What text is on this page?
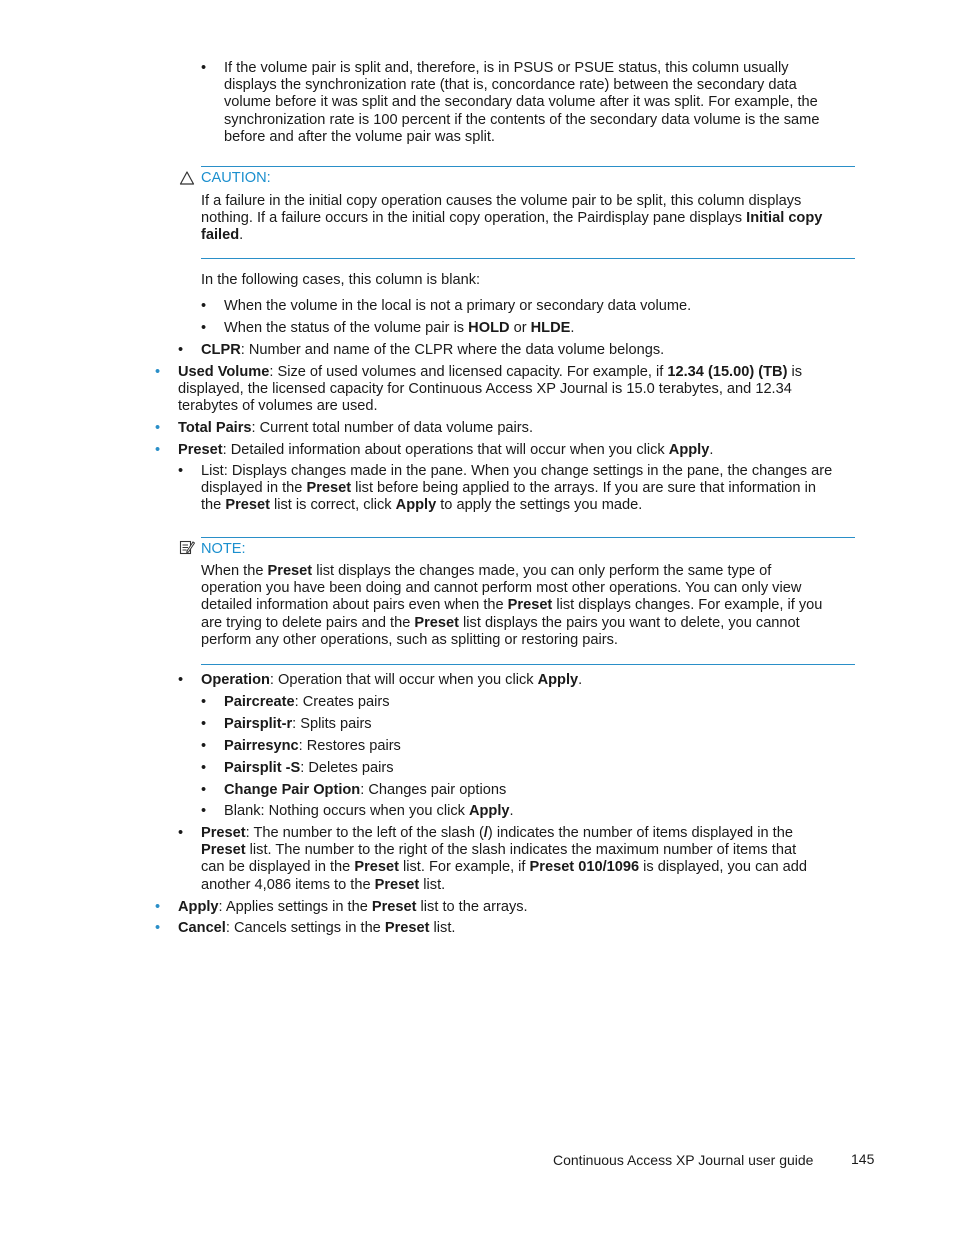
•	If the volume pair is split and, therefore, is in PSUS or PSUE status, this column usually displays the synchronization rate (that is, concordance rate) between the secondary data volume before it was split and the secondary data volume after it was split. For example, the synchronization rate is 100 percent if the contents of the secondary data volume is the same before and after the volume pair was split.
CAUTION:
If a failure in the initial copy operation causes the volume pair to be split, this column displays nothing. If a failure occurs in the initial copy operation, the Pairdisplay pane displays Initial copy failed.
In the following cases, this column is blank:
•	When the volume in the local is not a primary or secondary data volume.
•	When the status of the volume pair is HOLD or HLDE.
•	CLPR: Number and name of the CLPR where the data volume belongs.
•	Used Volume: Size of used volumes and licensed capacity. For example, if 12.34 (15.00) (TB) is displayed, the licensed capacity for Continuous Access XP Journal is 15.0 terabytes, and 12.34 terabytes of volumes are used.
•	Total Pairs: Current total number of data volume pairs.
•	Preset: Detailed information about operations that will occur when you click Apply.
•	List: Displays changes made in the pane. When you change settings in the pane, the changes are displayed in the Preset list before being applied to the arrays. If you are sure that information in the Preset list is correct, click Apply to apply the settings you made.
NOTE:
When the Preset list displays the changes made, you can only perform the same type of operation you have been doing and cannot perform most other operations. You can only view detailed information about pairs even when the Preset list displays changes. For example, if you are trying to delete pairs and the Preset list displays the pairs you want to delete, you cannot perform any other operations, such as splitting or restoring pairs.
•	Operation: Operation that will occur when you click Apply.
•	Paircreate: Creates pairs
•	Pairsplit-r: Splits pairs
•	Pairresync: Restores pairs
•	Pairsplit -S: Deletes pairs
•	Change Pair Option: Changes pair options
•	Blank: Nothing occurs when you click Apply.
•	Preset: The number to the left of the slash (/) indicates the number of items displayed in the Preset list. The number to the right of the slash indicates the maximum number of items that can be displayed in the Preset list. For example, if Preset 010/1096 is displayed, you can add another 4,086 items to the Preset list.
•	Apply: Applies settings in the Preset list to the arrays.
•	Cancel: Cancels settings in the Preset list.
Continuous Access XP Journal user guide	145
